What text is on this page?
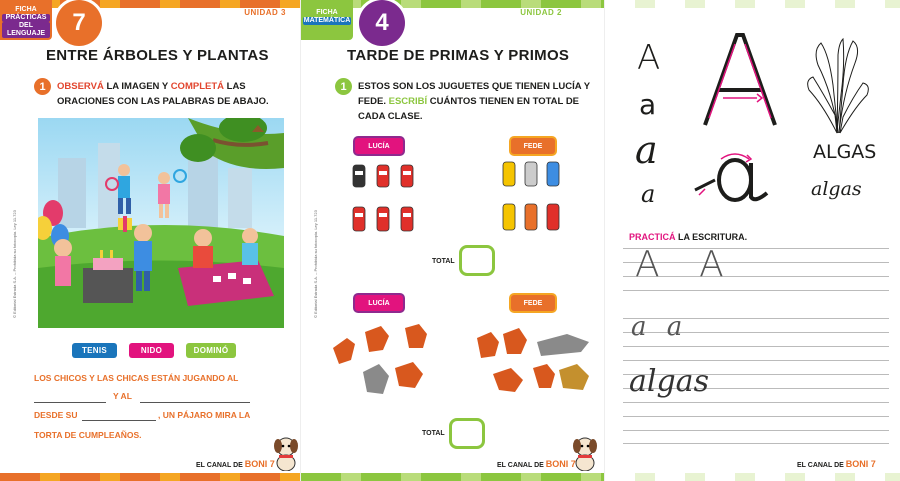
FICHA
PRÁCTICAS
DEL LENGUAJE	7	UNIDAD 3
ENTRE ÁRBOLES Y PLANTAS
1	OBSERVÁ LA IMAGEN Y COMPLETÁ LAS ORACIONES CON LAS PALABRAS DE ABAJO.
TENIS	NIDO	DOMINÓ
LOS CHICOS Y LAS CHICAS ESTÁN JUGANDO AL
Y AL
DESDE SU	, UN PÁJARO MIRA LA
TORTA DE CUMPLEAÑOS.
© Editorial Estrada S.A. – Prohibida su fotocopia. Ley 11.723
EL CANAL DE BONI 7
FICHA
MATEMÁTICA	4	UNIDAD 2
TARDE DE PRIMAS Y PRIMOS
1	ESTOS SON LOS JUGUETES QUE TIENEN LUCÍA Y FEDE. ESCRIBÍ CUÁNTOS TIENEN EN TOTAL DE CADA CLASE.
LUCÍA	FEDE
TOTAL
LUCÍA	FEDE
TOTAL
© Editorial Estrada S.A. – Prohibida su fotocopia. Ley 11.723
EL CANAL DE BONI 7
A
a
a
a
ALGAS
algas
PRACTICÁ LA ESCRITURA.
A A
a a
algas
EL CANAL DE BONI 7
